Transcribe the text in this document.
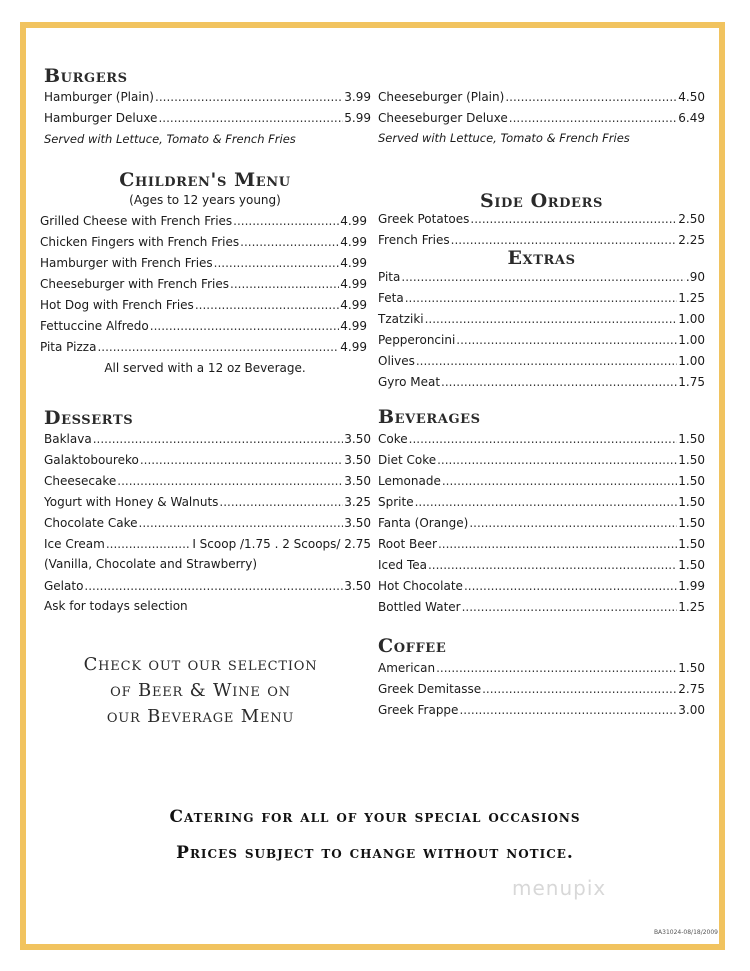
Burgers
Hamburger (Plain) .....	3.99
Hamburger Deluxe .....	5.99
Served with Lettuce, Tomato & French Fries
Cheeseburger (Plain) .....	4.50
Cheeseburger Deluxe .....	6.49
Served with Lettuce, Tomato & French Fries
Children's Menu
(Ages to 12 years young)
Grilled Cheese with French Fries .....	4.99
Chicken Fingers with French Fries .....	4.99
Hamburger with French Fries .....	4.99
Cheeseburger with French Fries .....	4.99
Hot Dog with French Fries .....	4.99
Fettuccine Alfredo .....	4.99
Pita Pizza .....	4.99
All served with a 12 oz Beverage.
Side Orders
Greek Potatoes .....	2.50
French Fries .....	2.25
Extras
Pita .....	.90
Feta .....	1.25
Tzatziki .....	1.00
Pepperoncini .....	1.00
Olives .....	1.00
Gyro Meat .....	1.75
Desserts
Baklava .....	3.50
Galaktoboureko .....	3.50
Cheesecake .....	3.50
Yogurt with Honey & Walnuts .....	3.25
Chocolate Cake .....	3.50
Ice Cream .....	I Scoop /1.75 . 2 Scoops/ 2.75
(Vanilla, Chocolate and Strawberry)
Gelato .....	3.50
Ask for todays selection
Beverages
Coke .....	1.50
Diet Coke .....	1.50
Lemonade .....	1.50
Sprite .....	1.50
Fanta (Orange) .....	1.50
Root Beer .....	1.50
Iced Tea .....	1.50
Hot Chocolate .....	1.99
Bottled Water .....	1.25
Coffee
American .....	1.50
Greek Demitasse .....	2.75
Greek Frappe .....	3.00
Check out our selection
of Beer & Wine on
our Beverage Menu
Catering for all of your special occasions
Prices subject to change without notice.
menupix
BA31024-08/18/2009
